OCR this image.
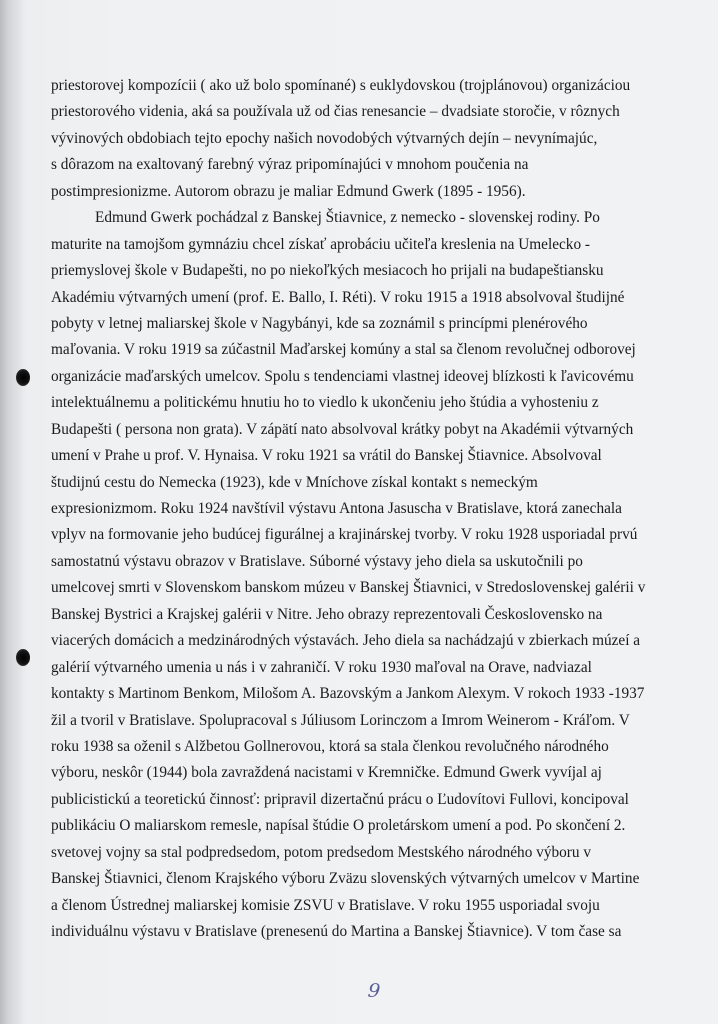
priestorovej kompozícii ( ako už bolo spomínané) s euklydovskou (trojplánovou) organizáciou
priestorového videnia, aká sa používala už od čias renesancie – dvadsiate storočie, v rôznych
vývinových obdobiach tejto epochy našich novodobých výtvarných dejín – nevynímajúc,
s dôrazom na exaltovaný farebný výraz pripomínajúci v mnohom poučenia na
postimpresionizme. Autorom obrazu je maliar Edmund Gwerk (1895 - 1956).
Edmund Gwerk pochádzal z Banskej Štiavnice, z nemecko - slovenskej rodiny. Po
maturite na tamojšom gymnáziu chcel získať aprobáciu učiteľa kreslenia na Umelecko -
priemyslovej škole v Budapešti, no po niekoľkých mesiacoch ho prijali na budapeštiansku
Akadémiu výtvarných umení (prof. E. Ballo, I. Réti). V roku 1915 a 1918 absolvoval študijné
pobyty v letnej maliarskej škole v Nagybányi, kde sa zoznámil s princípmi plenérového
maľovania. V roku 1919 sa zúčastnil Maďarskej komúny a stal sa členom revolučnej odborovej
organizácie maďarských umelcov. Spolu s tendenciami vlastnej ideovej blízkosti k ľavicovému
intelektuálnemu a politickému hnutiu ho to viedlo k ukončeniu jeho štúdia a vyhosteniu z
Budapešti ( persona non grata). V zápätí nato absolvoval krátky pobyt na Akadémii výtvarných
umení v Prahe u prof. V. Hynaisa. V roku 1921 sa vrátil do Banskej Štiavnice. Absolvoval
študijnú cestu do Nemecka (1923), kde v Mníchove získal kontakt s nemeckým
expresionizmom. Roku 1924 navštívil výstavu Antona Jasuscha v Bratislave, ktorá zanechala
vplyv na formovanie jeho budúcej figurálnej a krajinárskej tvorby. V roku 1928 usporiadal prvú
samostatnú výstavu obrazov v Bratislave. Súborné výstavy jeho diela sa uskutočnili po
umelcovej smrti v Slovenskom banskom múzeu v Banskej Štiavnici, v Stredoslovenskej galérii v
Banskej Bystrici a Krajskej galérii v Nitre. Jeho obrazy reprezentovali Československo na
viacerých domácich a medzinárodných výstavách. Jeho diela sa nachádzajú v zbierkach múzeí a
galérií výtvarného umenia u nás i v zahraničí. V roku 1930 maľoval na Orave, nadviazal
kontakty s Martinom Benkom, Milošom A. Bazovským a Jankom Alexym. V rokoch 1933 -1937
žil a tvoril v Bratislave. Spolupracoval s Júliusom Lorinczom a Imrom Weinerom - Kráľom. V
roku 1938 sa oženil s Alžbetou Gollnerovou, ktorá sa stala členkou revolučného národného
výboru, neskôr (1944) bola zavraždená nacistami v Kremničke. Edmund Gwerk vyvíjal aj
publicistickú a teoretickú činnosť: pripravil dizertačnú prácu o Ľudovítovi Fullovi, koncipoval
publikáciu O maliarskom remesle, napísal štúdie O proletárskom umení a pod. Po skončení 2.
svetovej vojny sa stal podpredsedom, potom predsedom Mestského národného výboru v
Banskej Štiavnici, členom Krajského výboru Zväzu slovenských výtvarných umelcov v Martine
a členom Ústrednej maliarskej komisie ZSVU v Bratislave. V roku 1955 usporiadal svoju
individuálnu výstavu v Bratislave (prenesenú do Martina a Banskej Štiavnice). V tom čase sa
9
